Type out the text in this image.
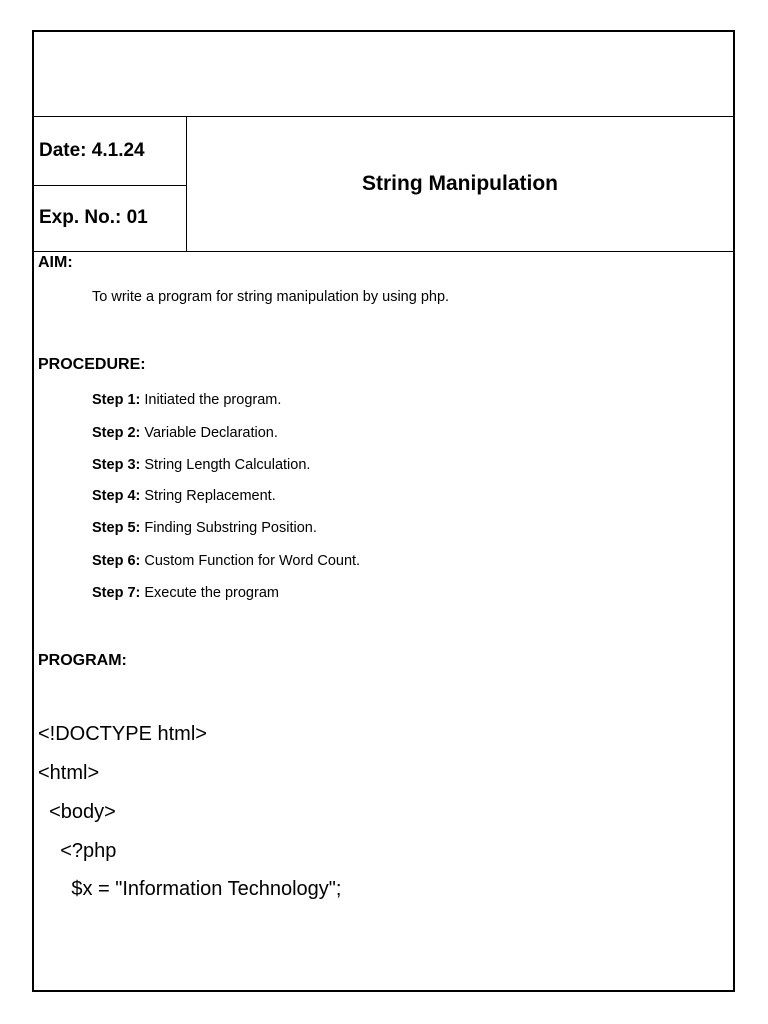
Date: 4.1.24
Exp. No.: 01
String Manipulation
AIM:
To write a program for string manipulation by using php.
PROCEDURE:
Step 1: Initiated the program.
Step 2: Variable Declaration.
Step 3: String Length Calculation.
Step 4: String Replacement.
Step 5: Finding Substring Position.
Step 6: Custom Function for Word Count.
Step 7: Execute the program
PROGRAM:
<!DOCTYPE html>
<html>
<body>
<?php
$x = "Information Technology";
